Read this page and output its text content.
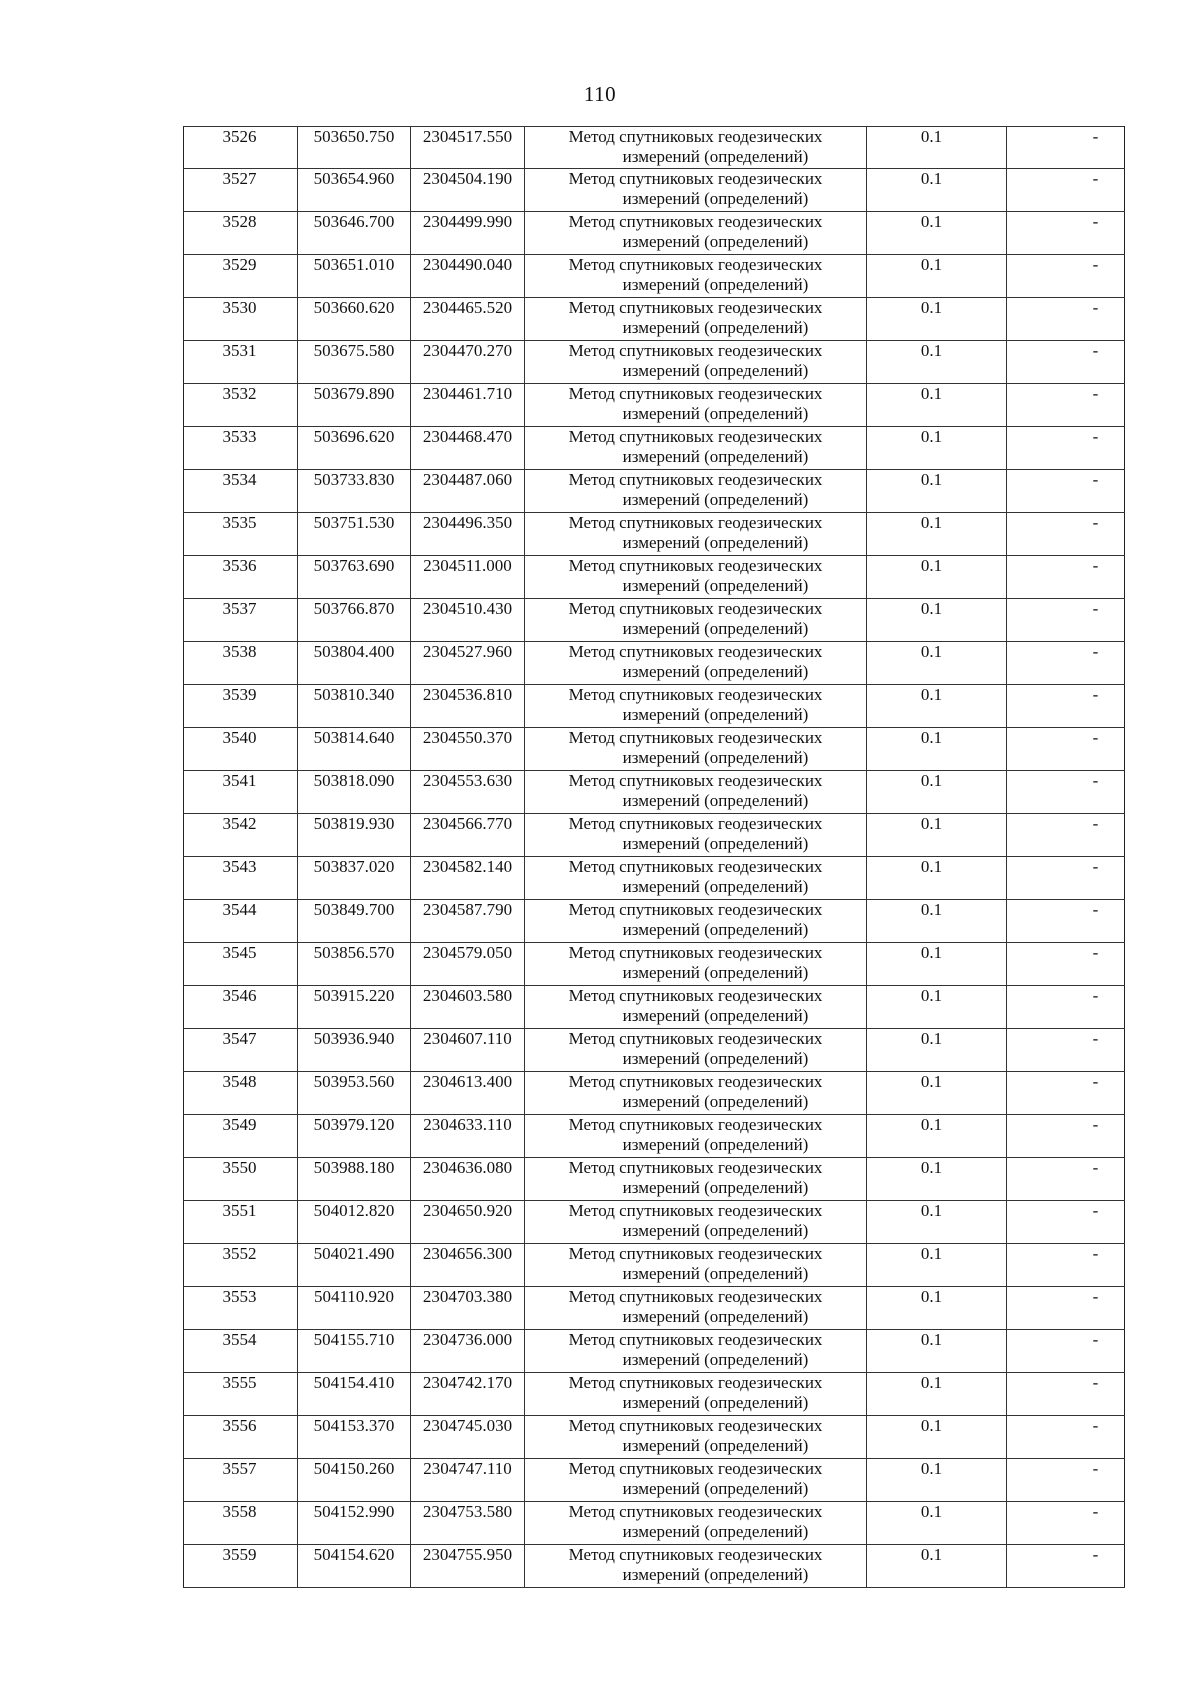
110
3526	503650.750	2304517.550	Метод спутниковых геодезических
измерений (определений)	0.1	-

3527	503654.960	2304504.190	Метод спутниковых геодезических
измерений (определений)	0.1	-

3528	503646.700	2304499.990	Метод спутниковых геодезических
измерений (определений)	0.1	-

3529	503651.010	2304490.040	Метод спутниковых геодезических
измерений (определений)	0.1	-

3530	503660.620	2304465.520	Метод спутниковых геодезических
измерений (определений)	0.1	-

3531	503675.580	2304470.270	Метод спутниковых геодезических
измерений (определений)	0.1	-

3532	503679.890	2304461.710	Метод спутниковых геодезических
измерений (определений)	0.1	-

3533	503696.620	2304468.470	Метод спутниковых геодезических
измерений (определений)	0.1	-

3534	503733.830	2304487.060	Метод спутниковых геодезических
измерений (определений)	0.1	-

3535	503751.530	2304496.350	Метод спутниковых геодезических
измерений (определений)	0.1	-

3536	503763.690	2304511.000	Метод спутниковых геодезических
измерений (определений)	0.1	-

3537	503766.870	2304510.430	Метод спутниковых геодезических
измерений (определений)	0.1	-

3538	503804.400	2304527.960	Метод спутниковых геодезических
измерений (определений)	0.1	-

3539	503810.340	2304536.810	Метод спутниковых геодезических
измерений (определений)	0.1	-

3540	503814.640	2304550.370	Метод спутниковых геодезических
измерений (определений)	0.1	-

3541	503818.090	2304553.630	Метод спутниковых геодезических
измерений (определений)	0.1	-

3542	503819.930	2304566.770	Метод спутниковых геодезических
измерений (определений)	0.1	-

3543	503837.020	2304582.140	Метод спутниковых геодезических
измерений (определений)	0.1	-

3544	503849.700	2304587.790	Метод спутниковых геодезических
измерений (определений)	0.1	-

3545	503856.570	2304579.050	Метод спутниковых геодезических
измерений (определений)	0.1	-

3546	503915.220	2304603.580	Метод спутниковых геодезических
измерений (определений)	0.1	-

3547	503936.940	2304607.110	Метод спутниковых геодезических
измерений (определений)	0.1	-

3548	503953.560	2304613.400	Метод спутниковых геодезических
измерений (определений)	0.1	-

3549	503979.120	2304633.110	Метод спутниковых геодезических
измерений (определений)	0.1	-

3550	503988.180	2304636.080	Метод спутниковых геодезических
измерений (определений)	0.1	-

3551	504012.820	2304650.920	Метод спутниковых геодезических
измерений (определений)	0.1	-

3552	504021.490	2304656.300	Метод спутниковых геодезических
измерений (определений)	0.1	-

3553	504110.920	2304703.380	Метод спутниковых геодезических
измерений (определений)	0.1	-

3554	504155.710	2304736.000	Метод спутниковых геодезических
измерений (определений)	0.1	-

3555	504154.410	2304742.170	Метод спутниковых геодезических
измерений (определений)	0.1	-

3556	504153.370	2304745.030	Метод спутниковых геодезических
измерений (определений)	0.1	-

3557	504150.260	2304747.110	Метод спутниковых геодезических
измерений (определений)	0.1	-

3558	504152.990	2304753.580	Метод спутниковых геодезических
измерений (определений)	0.1	-

3559	504154.620	2304755.950	Метод спутниковых геодезических
измерений (определений)	0.1	-
